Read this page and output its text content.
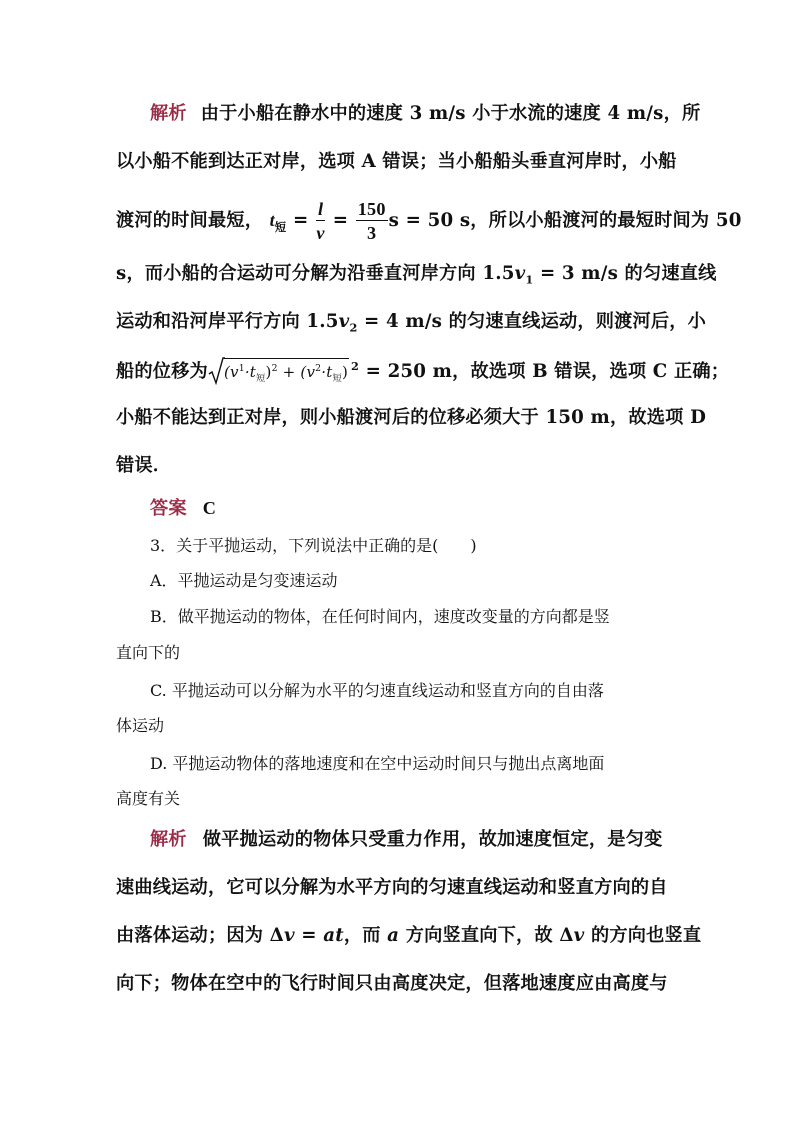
解析 由于小船在静水中的速度 3 m/s 小于水流的速度 4 m/s，所

以小船不能到达正对岸，选项 A 错误；当小船船头垂直河岸时，小船

渡河的时间最短， $t_短 = \frac{l}{v} = \frac{150}{3}$ s = 50 s，所以小船渡河的最短时间为 50

s，而小船的合运动可分解为沿垂直河岸方向 $1.5v_1 = 3$ m/s 的匀速直线

运动和沿河岸平行方向 $1.5v_2 = 4$ m/s 的匀速直线运动，则渡河后，小

船的位移为 $(v^1\cdot t_短)^2 + (v^2\cdot t_短) ^2 = 250$ m，故选项 B 错误，选项 C 正确；

小船不能达到正对岸，则小船渡河后的位移必须大于 150 m，故选项 D

错误．

答案 C

3．关于平抛运动，下列说法中正确的是(　　)

A．平抛运动是匀变速运动

B．做平抛运动的物体，在任何时间内，速度改变量的方向都是竖

直向下的

C. 平抛运动可以分解为水平的匀速直线运动和竖直方向的自由落

体运动

D. 平抛运动物体的落地速度和在空中运动时间只与抛出点离地面

高度有关

解析 做平抛运动的物体只受重力作用，故加速度恒定，是匀变

速曲线运动，它可以分解为水平方向的匀速直线运动和竖直方向的自

由落体运动；因为 Δv = at，而 a 方向竖直向下，故 Δv 的方向也竖直

向下；物体在空中的飞行时间只由高度决定，但落地速度应由高度与
